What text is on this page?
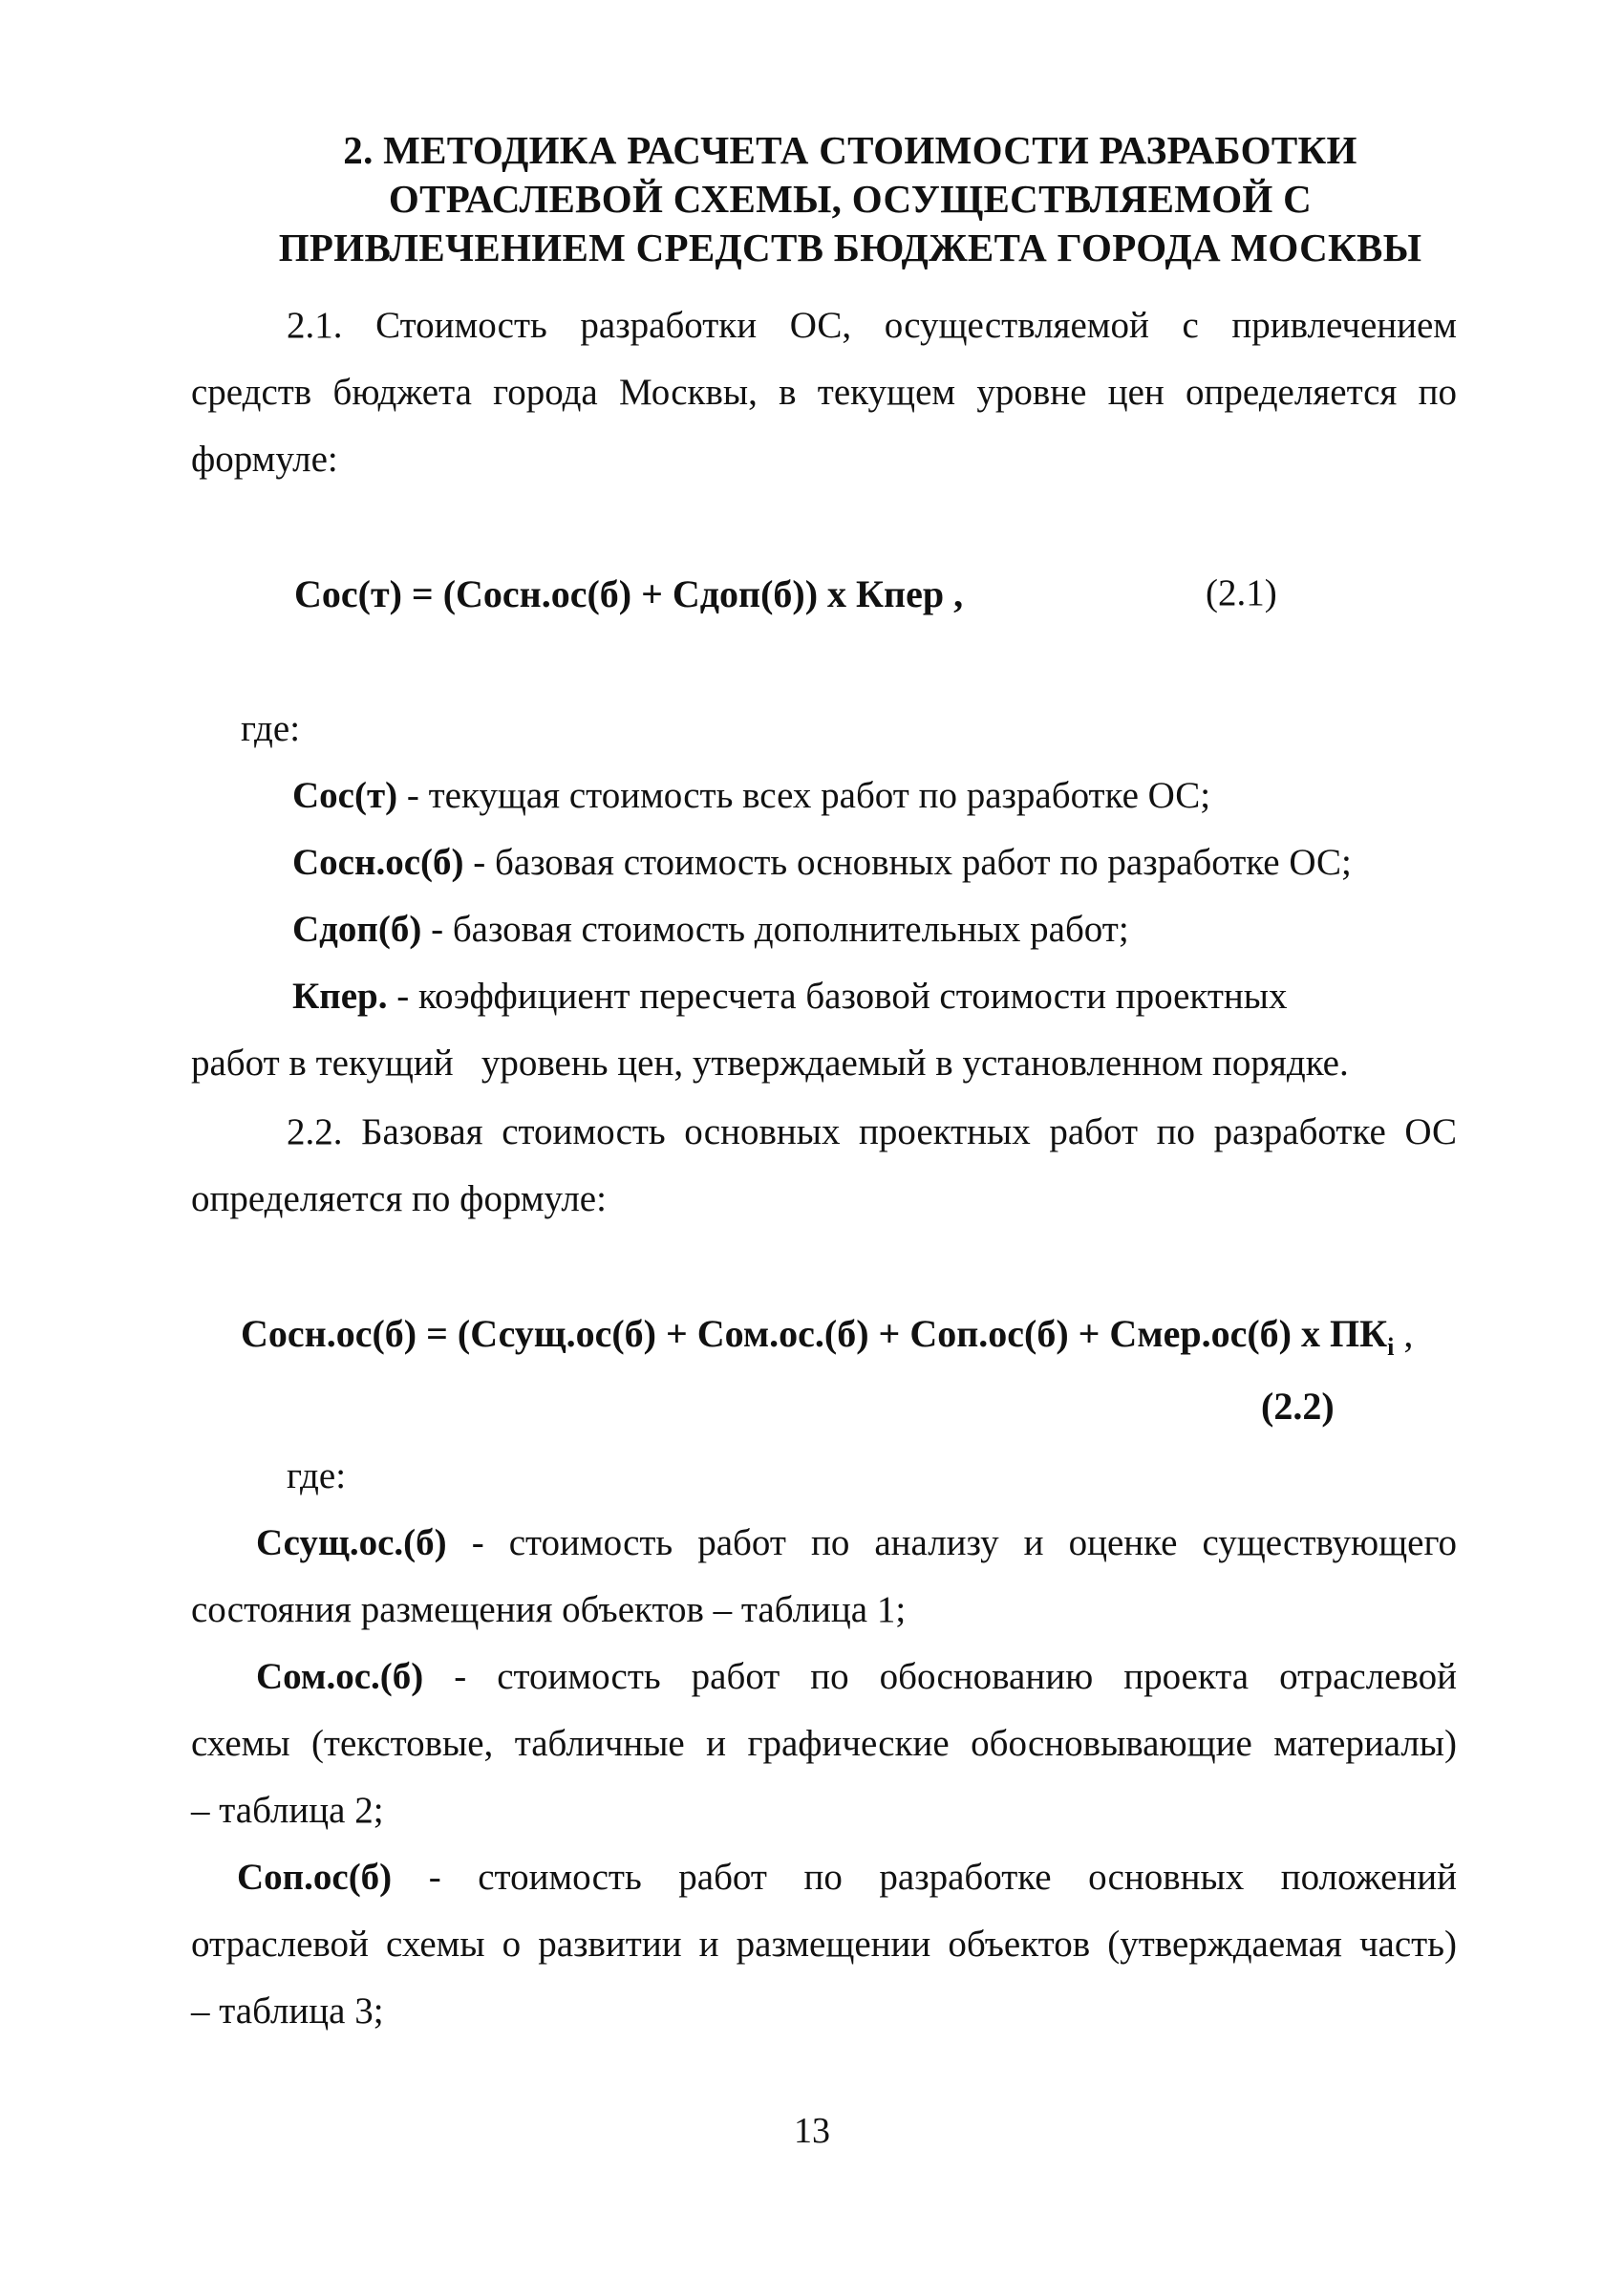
2. МЕТОДИКА РАСЧЕТА СТОИМОСТИ РАЗРАБОТКИ
ОТРАСЛЕВОЙ СХЕМЫ, ОСУЩЕСТВЛЯЕМОЙ С
ПРИВЛЕЧЕНИЕМ СРЕДСТВ БЮДЖЕТА ГОРОДА МОСКВЫ
2.1. Стоимость разработки ОС, осуществляемой с привлечением
средств бюджета города Москвы, в текущем уровне цен определяется по
формуле:
Сос(т) = (Сосн.ос(б) + Сдоп(б)) х Кпер ,	(2.1)
где:
Сос(т) - текущая стоимость всех работ по разработке ОС;
Сосн.ос(б) - базовая стоимость основных работ по разработке ОС;
Сдоп(б) - базовая стоимость дополнительных работ;
Кпер. - коэффициент пересчета базовой стоимости проектных
работ в текущий   уровень цен, утверждаемый в установленном порядке.
2.2. Базовая стоимость основных проектных работ по разработке ОС
определяется по формуле:
Сосн.ос(б) = (Ссущ.ос(б) + Сом.ос.(б) + Соп.ос(б) + Смер.ос(б) х $ПК_i$ ,
(2.2)
где:
Ссущ.ос.(б) - стоимость работ по анализу и оценке существующего
состояния размещения объектов – таблица 1;
Сом.ос.(б) - стоимость работ по обоснованию проекта отраслевой
схемы (текстовые, табличные и графические обосновывающие материалы)
– таблица 2;
Соп.ос(б) - стоимость работ по разработке основных положений
отраслевой схемы о развитии и размещении объектов (утверждаемая часть)
– таблица 3;
13
